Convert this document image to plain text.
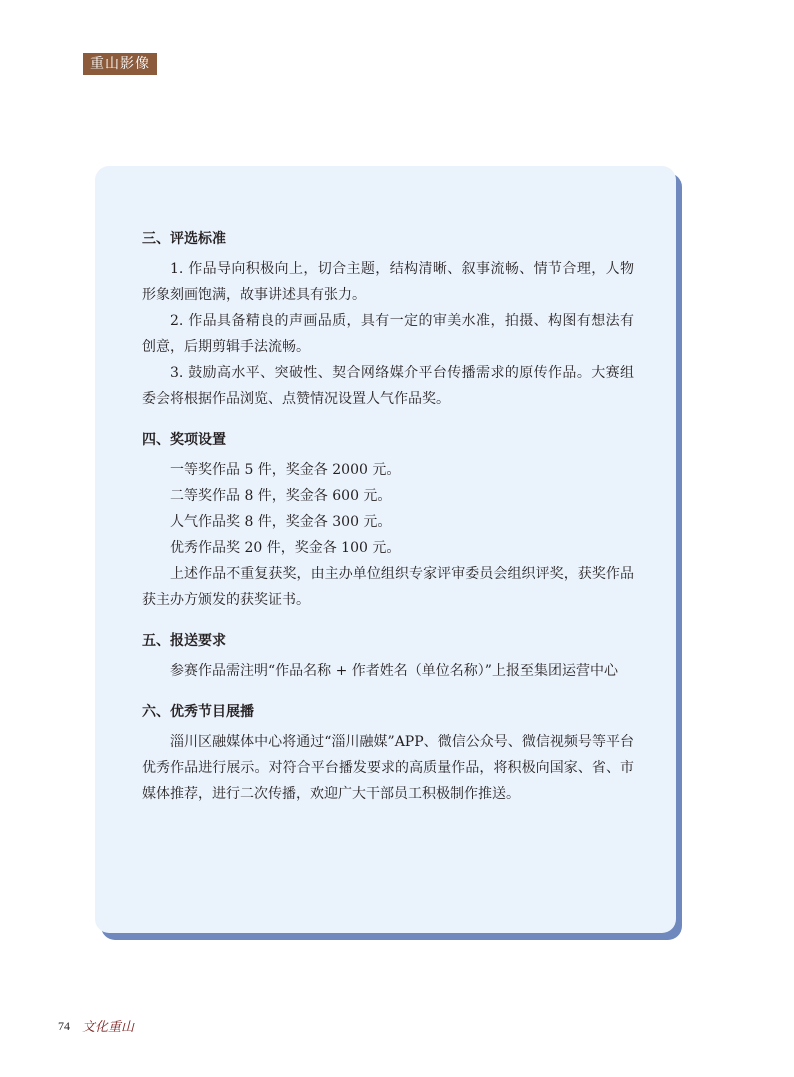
重山影像
三、评选标准

1. 作品导向积极向上，切合主题，结构清晰、叙事流畅、情节合理，人物形象刻画饱满，故事讲述具有张力。

2. 作品具备精良的声画品质，具有一定的审美水准，拍摄、构图有想法有创意，后期剪辑手法流畅。

3. 鼓励高水平、突破性、契合网络媒介平台传播需求的原传作品。大赛组委会将根据作品浏览、点赞情况设置人气作品奖。

四、奖项设置

一等奖作品 5 件，奖金各 2000 元。

二等奖作品 8 件，奖金各 600 元。

人气作品奖 8 件，奖金各 300 元。

优秀作品奖 20 件，奖金各 100 元。

上述作品不重复获奖，由主办单位组织专家评审委员会组织评奖，获奖作品获主办方颁发的获奖证书。

五、报送要求

参赛作品需注明“作品名称 + 作者姓名（单位名称）”上报至集团运营中心

六、优秀节目展播

淄川区融媒体中心将通过“淄川融媒”APP、微信公众号、微信视频号等平台优秀作品进行展示。对符合平台播发要求的高质量作品，将积极向国家、省、市媒体推荐，进行二次传播，欢迎广大干部员工积极制作推送。

74 文化重山
